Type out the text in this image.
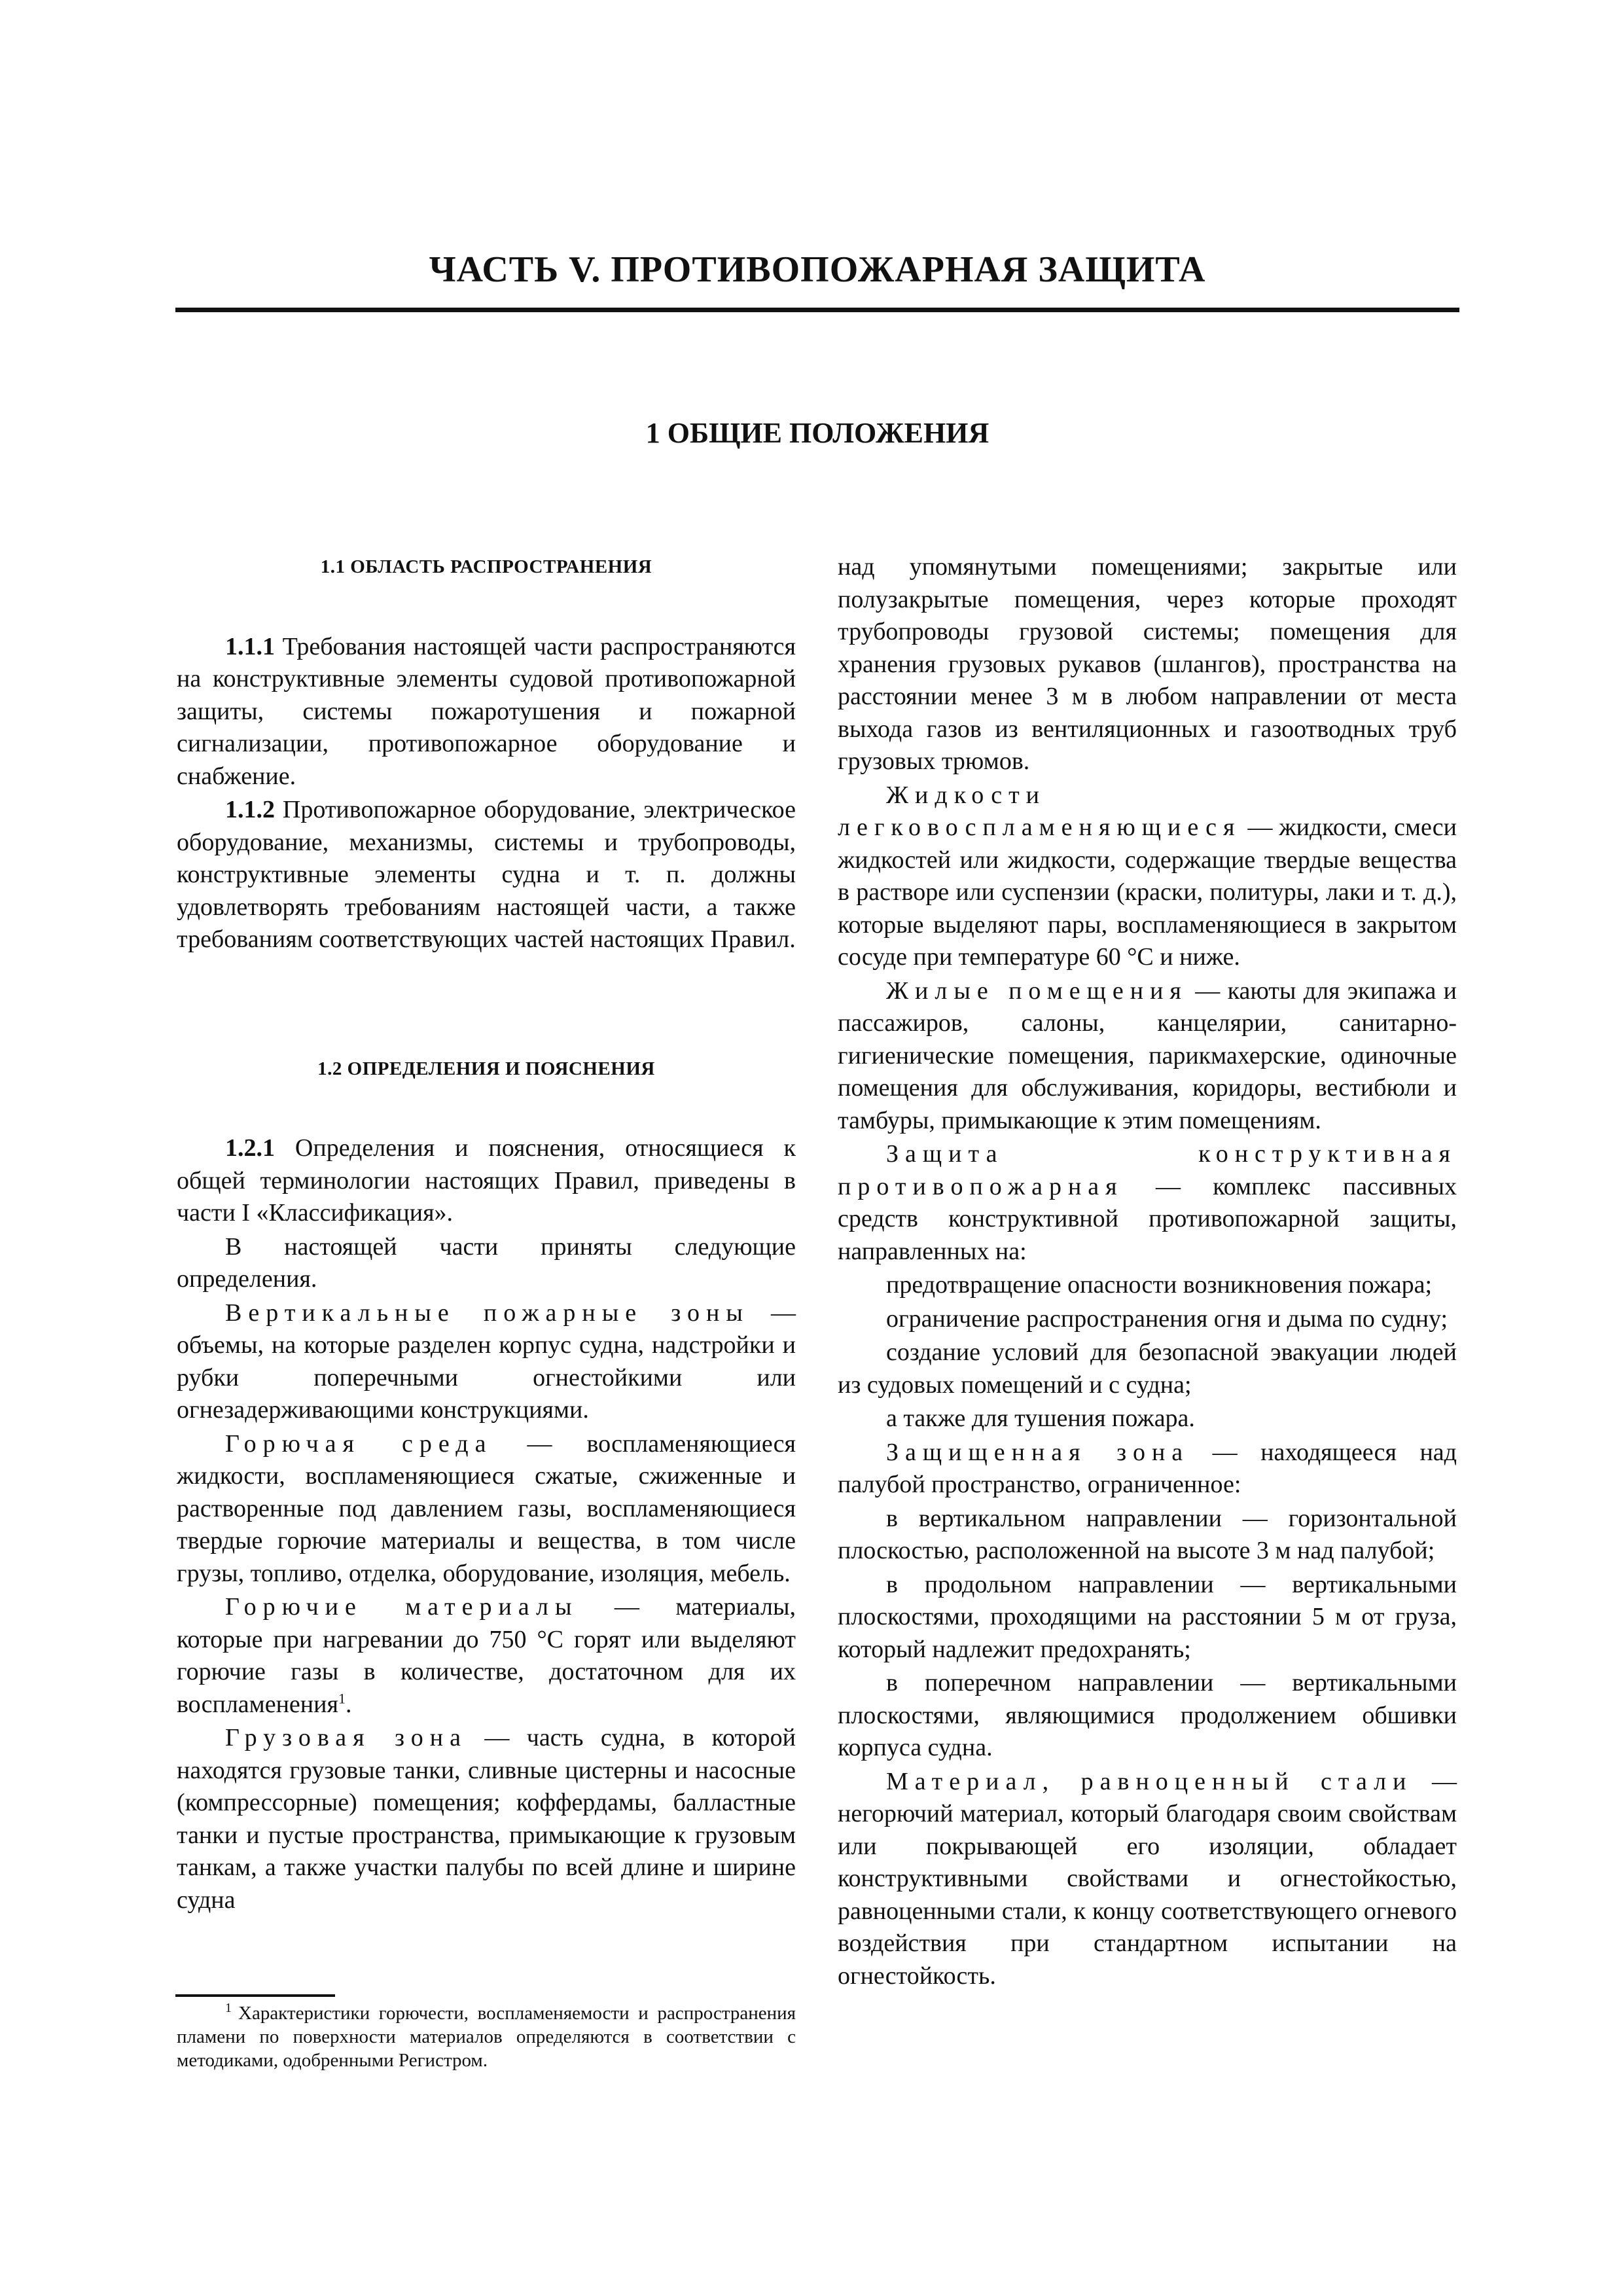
ЧАСТЬ V. ПРОТИВОПОЖАРНАЯ ЗАЩИТА
1 ОБЩИЕ ПОЛОЖЕНИЯ
1.1 ОБЛАСТЬ РАСПРОСТРАНЕНИЯ

1.1.1 Требования настоящей части распространяются на конструктивные элементы судовой противопожарной защиты, системы пожаротушения и пожарной сигнализации, противопожарное оборудование и снабжение.

1.1.2 Противопожарное оборудование, электрическое оборудование, механизмы, системы и трубопроводы, конструктивные элементы судна и т. п. должны удовлетворять требованиям настоящей части, а также требованиям соответствующих частей настоящих Правил.

1.2 ОПРЕДЕЛЕНИЯ И ПОЯСНЕНИЯ

1.2.1 Определения и пояснения, относящиеся к общей терминологии настоящих Правил, приведены в части I «Классификация».

В настоящей части приняты следующие определения.

Вертикальные пожарные зоны — объемы, на которые разделен корпус судна, надстройки и рубки поперечными огнестойкими или огнезадерживающими конструкциями.

Горючая среда — воспламеняющиеся жидкости, воспламеняющиеся сжатые, сжиженные и растворенные под давлением газы, воспламеняющиеся твердые горючие материалы и вещества, в том числе грузы, топливо, отделка, оборудование, изоляция, мебель.

Горючие материалы — материалы, которые при нагревании до 750 °С горят или выделяют горючие газы в количестве, достаточном для их воспламенения$^1$.

Грузовая зона — часть судна, в которой находятся грузовые танки, сливные цистерны и насосные (компрессорные) помещения; коффердамы, балластные танки и пустые пространства, примыкающие к грузовым танкам, а также участки палубы по всей длине и ширине судна

над упомянутыми помещениями; закрытые или полузакрытые помещения, через которые проходят трубопроводы грузовой системы; помещения для хранения грузовых рукавов (шлангов), пространства на расстоянии менее 3 м в любом направлении от места выхода газов из вентиляционных и газоотводных труб грузовых трюмов.

Жидкости легковоспламеняющиеся — жидкости, смеси жидкостей или жидкости, содержащие твердые вещества в растворе или суспензии (краски, политуры, лаки и т. д.), которые выделяют пары, воспламеняющиеся в закрытом сосуде при температуре 60 °С и ниже.

Жилые помещения — каюты для экипажа и пассажиров, салоны, канцелярии, санитарно-гигиенические помещения, парикмахерские, одиночные помещения для обслуживания, коридоры, вестибюли и тамбуры, примыкающие к этим помещениям.

Защита конструктивная противопожарная — комплекс пассивных средств конструктивной противопожарной защиты, направленных на:

предотвращение опасности возникновения пожара;

ограничение распространения огня и дыма по судну;

создание условий для безопасной эвакуации людей из судовых помещений и с судна;

а также для тушения пожара.

Защищенная зона — находящееся над палубой пространство, ограниченное:

в вертикальном направлении — горизонтальной плоскостью, расположенной на высоте 3 м над палубой;

в продольном направлении — вертикальными плоскостями, проходящими на расстоянии 5 м от груза, который надлежит предохранять;

в поперечном направлении — вертикальными плоскостями, являющимися продолжением обшивки корпуса судна.

Материал, равноценный стали — негорючий материал, который благодаря своим свойствам или покрывающей его изоляции, обладает конструктивными свойствами и огнестойкостью, равноценными стали, к концу соответствующего огневого воздействия при стандартном испытании на огнестойкость.

$^1$ Характеристики горючести, воспламеняемости и распространения пламени по поверхности материалов определяются в соответствии с методиками, одобренными Регистром.
